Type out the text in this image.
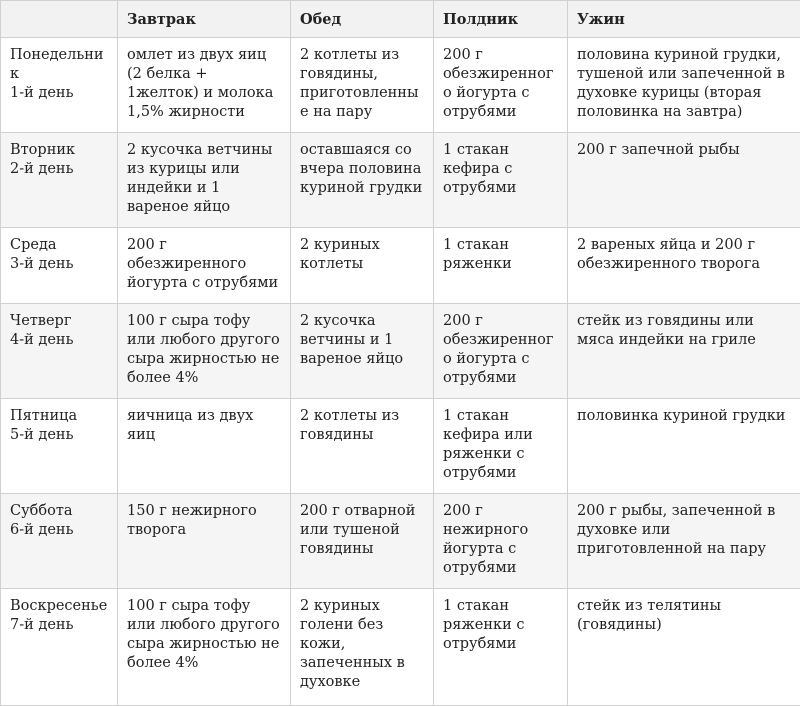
	Завтрак	Обед	Полдник	Ужин

Понедельник
1-й день	омлет из двух яиц (2 белка + 1желток) и молока 1,5% жирности	2 котлеты из говядины, приготовленные на пару	200 г обезжиренного йогурта с отрубями	половина куриной грудки, тушеной или запеченной в духовке курицы (вторая половинка на завтра)

Вторник
2-й день	2 кусочка ветчины из курицы или индейки и 1 вареное яйцо	оставшаяся со вчера половина куриной грудки	1 стакан кефира с отрубями	200 г запечной рыбы

Среда
3-й день	200 г обезжиренного йогурта с отрубями	2 куриных котлеты	1 стакан ряженки	2 вареных яйца и 200 г обезжиренного творога

Четверг
4-й день	100 г сыра тофу или любого другого сыра жирностью не более 4%	2 кусочка ветчины и 1 вареное яйцо	200 г обезжиренного йогурта с отрубями	стейк из говядины или мяса индейки на гриле

Пятница
5-й день	яичница из двух яиц	2 котлеты из говядины	1 стакан кефира или ряженки с отрубями	половинка куриной грудки

Суббота
6-й день	150 г нежирного творога	200 г отварной или тушеной говядины	200 г нежирного йогурта с отрубями	200 г рыбы, запеченной в духовке или приготовленной на пару

Воскресенье
7-й день	100 г сыра тофу или любого другого сыра жирностью не более 4%	2 куриных голени без кожи, запеченных в духовке	1 стакан ряженки с отрубями	стейк из телятины (говядины)
